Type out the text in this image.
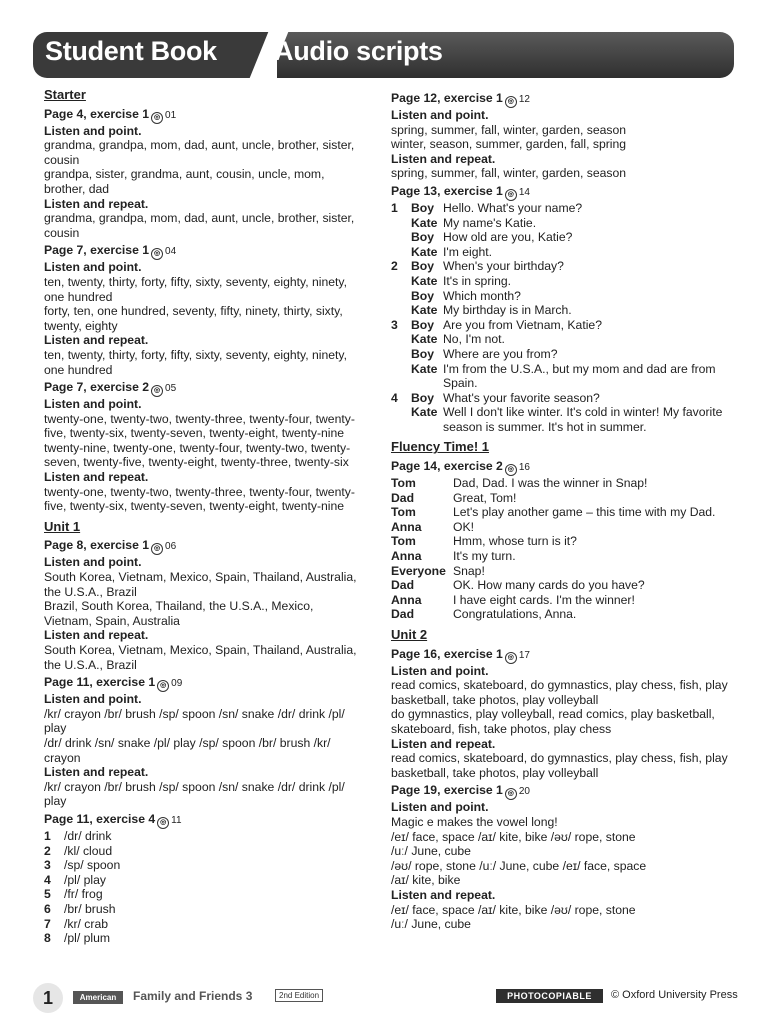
Student Book Audio scripts
Starter
Page 4, exercise 1 ◎ 01
Listen and point.
grandma, grandpa, mom, dad, aunt, uncle, brother, sister, cousin
grandpa, sister, grandma, aunt, cousin, uncle, mom, brother, dad
Listen and repeat.
grandma, grandpa, mom, dad, aunt, uncle, brother, sister, cousin
Page 7, exercise 1 ◎ 04
Listen and point.
ten, twenty, thirty, forty, fifty, sixty, seventy, eighty, ninety, one hundred
forty, ten, one hundred, seventy, fifty, ninety, thirty, sixty, twenty, eighty
Listen and repeat.
ten, twenty, thirty, forty, fifty, sixty, seventy, eighty, ninety, one hundred
Page 7, exercise 2 ◎ 05
Listen and point.
twenty-one, twenty-two, twenty-three, twenty-four, twenty-five, twenty-six, twenty-seven, twenty-eight, twenty-nine
twenty-nine, twenty-one, twenty-four, twenty-two, twenty-seven, twenty-five, twenty-eight, twenty-three, twenty-six
Listen and repeat.
twenty-one, twenty-two, twenty-three, twenty-four, twenty-five, twenty-six, twenty-seven, twenty-eight, twenty-nine
Unit 1
Page 8, exercise 1 ◎ 06
Listen and point.
South Korea, Vietnam, Mexico, Spain, Thailand, Australia, the U.S.A., Brazil
Brazil, South Korea, Thailand, the U.S.A., Mexico, Vietnam, Spain, Australia
Listen and repeat.
South Korea, Vietnam, Mexico, Spain, Thailand, Australia, the U.S.A., Brazil
Page 11, exercise 1 ◎ 09
Listen and point.
/kr/ crayon /br/ brush /sp/ spoon /sn/ snake /dr/ drink /pl/ play
/dr/ drink /sn/ snake /pl/ play /sp/ spoon /br/ brush /kr/ crayon
Listen and repeat.
/kr/ crayon /br/ brush /sp/ spoon /sn/ snake /dr/ drink /pl/ play
Page 11, exercise 4 ◎ 11
1	/dr/ drink
2	/kl/ cloud
3	/sp/ spoon
4	/pl/ play
5	/fr/ frog
6	/br/ brush
7	/kr/ crab
8	/pl/ plum
Page 12, exercise 1 ◎ 12
Listen and point.
spring, summer, fall, winter, garden, season
winter, season, summer, garden, fall, spring
Listen and repeat.
spring, summer, fall, winter, garden, season
Page 13, exercise 1 ◎ 14
1	Boy Hello. What's your name?
Kate My name's Katie.
Boy How old are you, Katie?
Kate I'm eight.
2	Boy When's your birthday?
Kate It's in spring.
Boy Which month?
Kate My birthday is in March.
3	Boy Are you from Vietnam, Katie?
Kate No, I'm not.
Boy Where are you from?
Kate I'm from the U.S.A., but my mom and dad are from Spain.
4	Boy What's your favorite season?
Kate Well I don't like winter. It's cold in winter! My favorite season is summer. It's hot in summer.
Fluency Time! 1
Page 14, exercise 2 ◎ 16
Tom	Dad, Dad. I was the winner in Snap!
Dad	Great, Tom!
Tom	Let's play another game – this time with my Dad.
Anna	OK!
Tom	Hmm, whose turn is it?
Anna	It's my turn.
Everyone Snap!
Dad	OK. How many cards do you have?
Anna	I have eight cards. I'm the winner!
Dad	Congratulations, Anna.
Unit 2
Page 16, exercise 1 ◎ 17
Listen and point.
read comics, skateboard, do gymnastics, play chess, fish, play basketball, take photos, play volleyball
do gymnastics, play volleyball, read comics, play basketball, skateboard, fish, take photos, play chess
Listen and repeat.
read comics, skateboard, do gymnastics, play chess, fish, play basketball, take photos, play volleyball
Page 19, exercise 1 ◎ 20
Listen and point.
Magic e makes the vowel long!
/eɪ/ face, space /aɪ/ kite, bike /əʊ/ rope, stone
/uː/ June, cube
/əʊ/ rope, stone /uː/ June, cube /eɪ/ face, space
/aɪ/ kite, bike
Listen and repeat.
/eɪ/ face, space /aɪ/ kite, bike /əʊ/ rope, stone
/uː/ June, cube
1	American	Family and Friends 3	2nd Edition	PHOTOCOPIABLE	© Oxford University Press
